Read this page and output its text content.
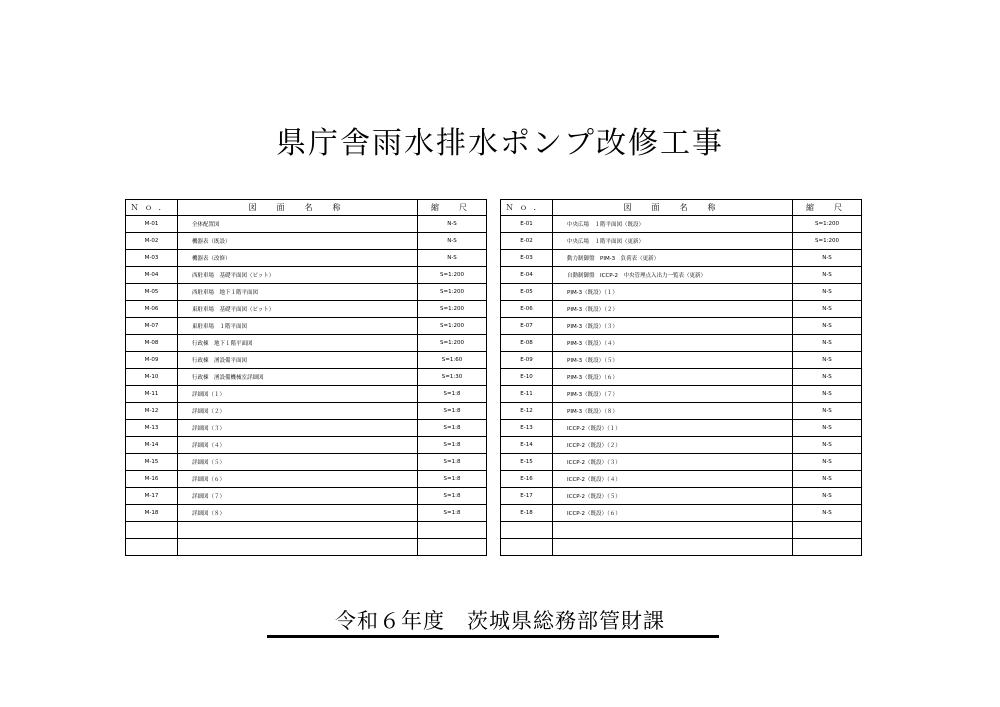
県庁舎雨水排水ポンプ改修工事
Ｎｏ．	図　面　名　称	縮　尺
M-01	全体配置図	N-S
M-02	機器表（既設）	N-S
M-03	機器表（改修）	N-S
M-04	西駐車場　基礎平面図（ピット）	S=1:200
M-05	西駐車場　地下１階平面図	S=1:200
M-06	東駐車場　基礎平面図（ピット）	S=1:200
M-07	東駐車場　１階平面図	S=1:200
M-08	行政棟　地下１階平面図	S=1:200
M-09	行政棟　湧設備平面図	S=1:60
M-10	行政棟　湧設備機械室詳細図	S=1:30
M-11	詳細図（１）	S=1:8
M-12	詳細図（２）	S=1:8
M-13	詳細図（３）	S=1:8
M-14	詳細図（４）	S=1:8
M-15	詳細図（５）	S=1:8
M-16	詳細図（６）	S=1:8
M-17	詳細図（７）	S=1:8
M-18	詳細図（８）	S=1:8

Ｎｏ．	図　面　名　称	縮　尺
E-01	中央広場　１階平面図（既設）	S=1:200
E-02	中央広場　１階平面図（更新）	S=1:200
E-03	動力制御盤　PIM-3　負荷表（更新）	N-S
E-04	自動制御盤　ICCP-2　中央管理点入出力一覧表（更新）	N-S
E-05	PIM-3（既設）（１）	N-S
E-06	PIM-3（既設）（２）	N-S
E-07	PIM-3（既設）（３）	N-S
E-08	PIM-3（既設）（４）	N-S
E-09	PIM-3（既設）（５）	N-S
E-10	PIM-3（既設）（６）	N-S
E-11	PIM-3（既設）（７）	N-S
E-12	PIM-3（既設）（８）	N-S
E-13	ICCP-2（既設）（１）	N-S
E-14	ICCP-2（既設）（２）	N-S
E-15	ICCP-2（既設）（３）	N-S
E-16	ICCP-2（既設）（４）	N-S
E-17	ICCP-2（既設）（５）	N-S
E-18	ICCP-2（既設）（６）	N-S

令和６年度　茨城県総務部管財課
